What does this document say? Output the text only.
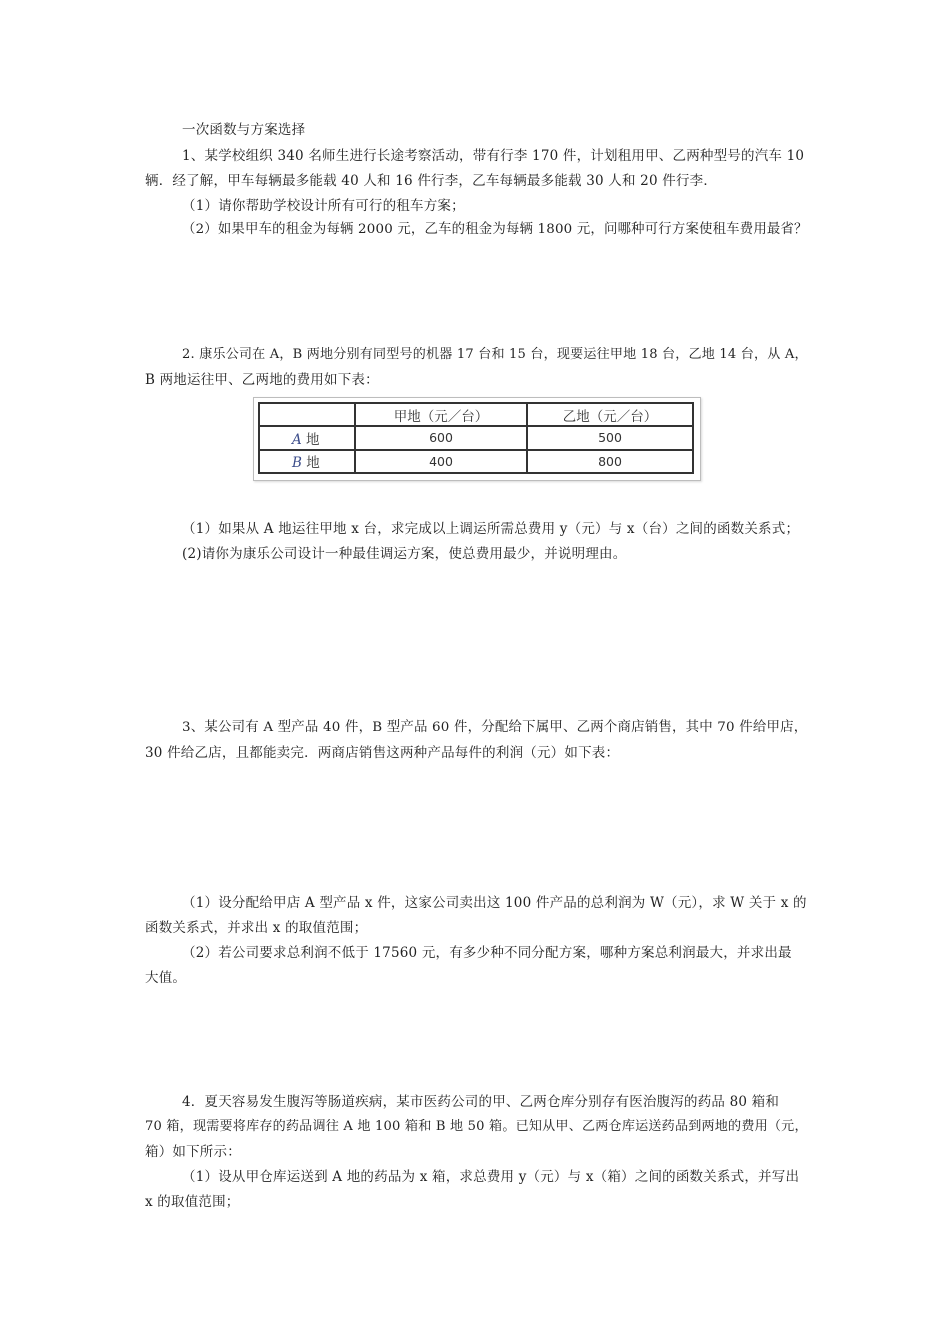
一次函数与方案选择
1、某学校组织 340 名师生进行长途考察活动，带有行李 170 件，计划租用甲、乙两种型号的汽车 10
辆．经了解，甲车每辆最多能载 40 人和 16 件行李，乙车每辆最多能载 30 人和 20 件行李．
（1）请你帮助学校设计所有可行的租车方案；
（2）如果甲车的租金为每辆 2000 元，乙车的租金为每辆 1800 元，问哪种可行方案使租车费用最省？
2. 康乐公司在 A，B 两地分别有同型号的机器 17 台和 15 台，现要运往甲地 18 台，乙地 14 台，从 A，
B 两地运往甲、乙两地的费用如下表：
	甲地（元／台）	乙地（元／台）
A 地	600	500
B 地	400	800
（1）如果从 A 地运往甲地 x 台，求完成以上调运所需总费用 y（元）与 x（台）之间的函数关系式；
(2)请你为康乐公司设计一种最佳调运方案，使总费用最少，并说明理由。
3、某公司有 A 型产品 40 件，B 型产品 60 件，分配给下属甲、乙两个商店销售，其中 70 件给甲店，
30 件给乙店，且都能卖完．两商店销售这两种产品每件的利润（元）如下表：
（1）设分配给甲店 A 型产品 x 件，这家公司卖出这 100 件产品的总利润为 W（元），求 W 关于 x 的
函数关系式，并求出 x 的取值范围；
（2）若公司要求总利润不低于 17560 元，有多少种不同分配方案，哪种方案总利润最大，并求出最
大值。
4．夏天容易发生腹泻等肠道疾病，某市医药公司的甲、乙两仓库分别存有医治腹泻的药品 80 箱和
70 箱，现需要将库存的药品调往 A 地 100 箱和 B 地 50 箱。已知从甲、乙两仓库运送药品到两地的费用（元，
箱）如下所示：
（1）设从甲仓库运送到 A 地的药品为 x 箱，求总费用 y（元）与 x（箱）之间的函数关系式，并写出
x 的取值范围；
